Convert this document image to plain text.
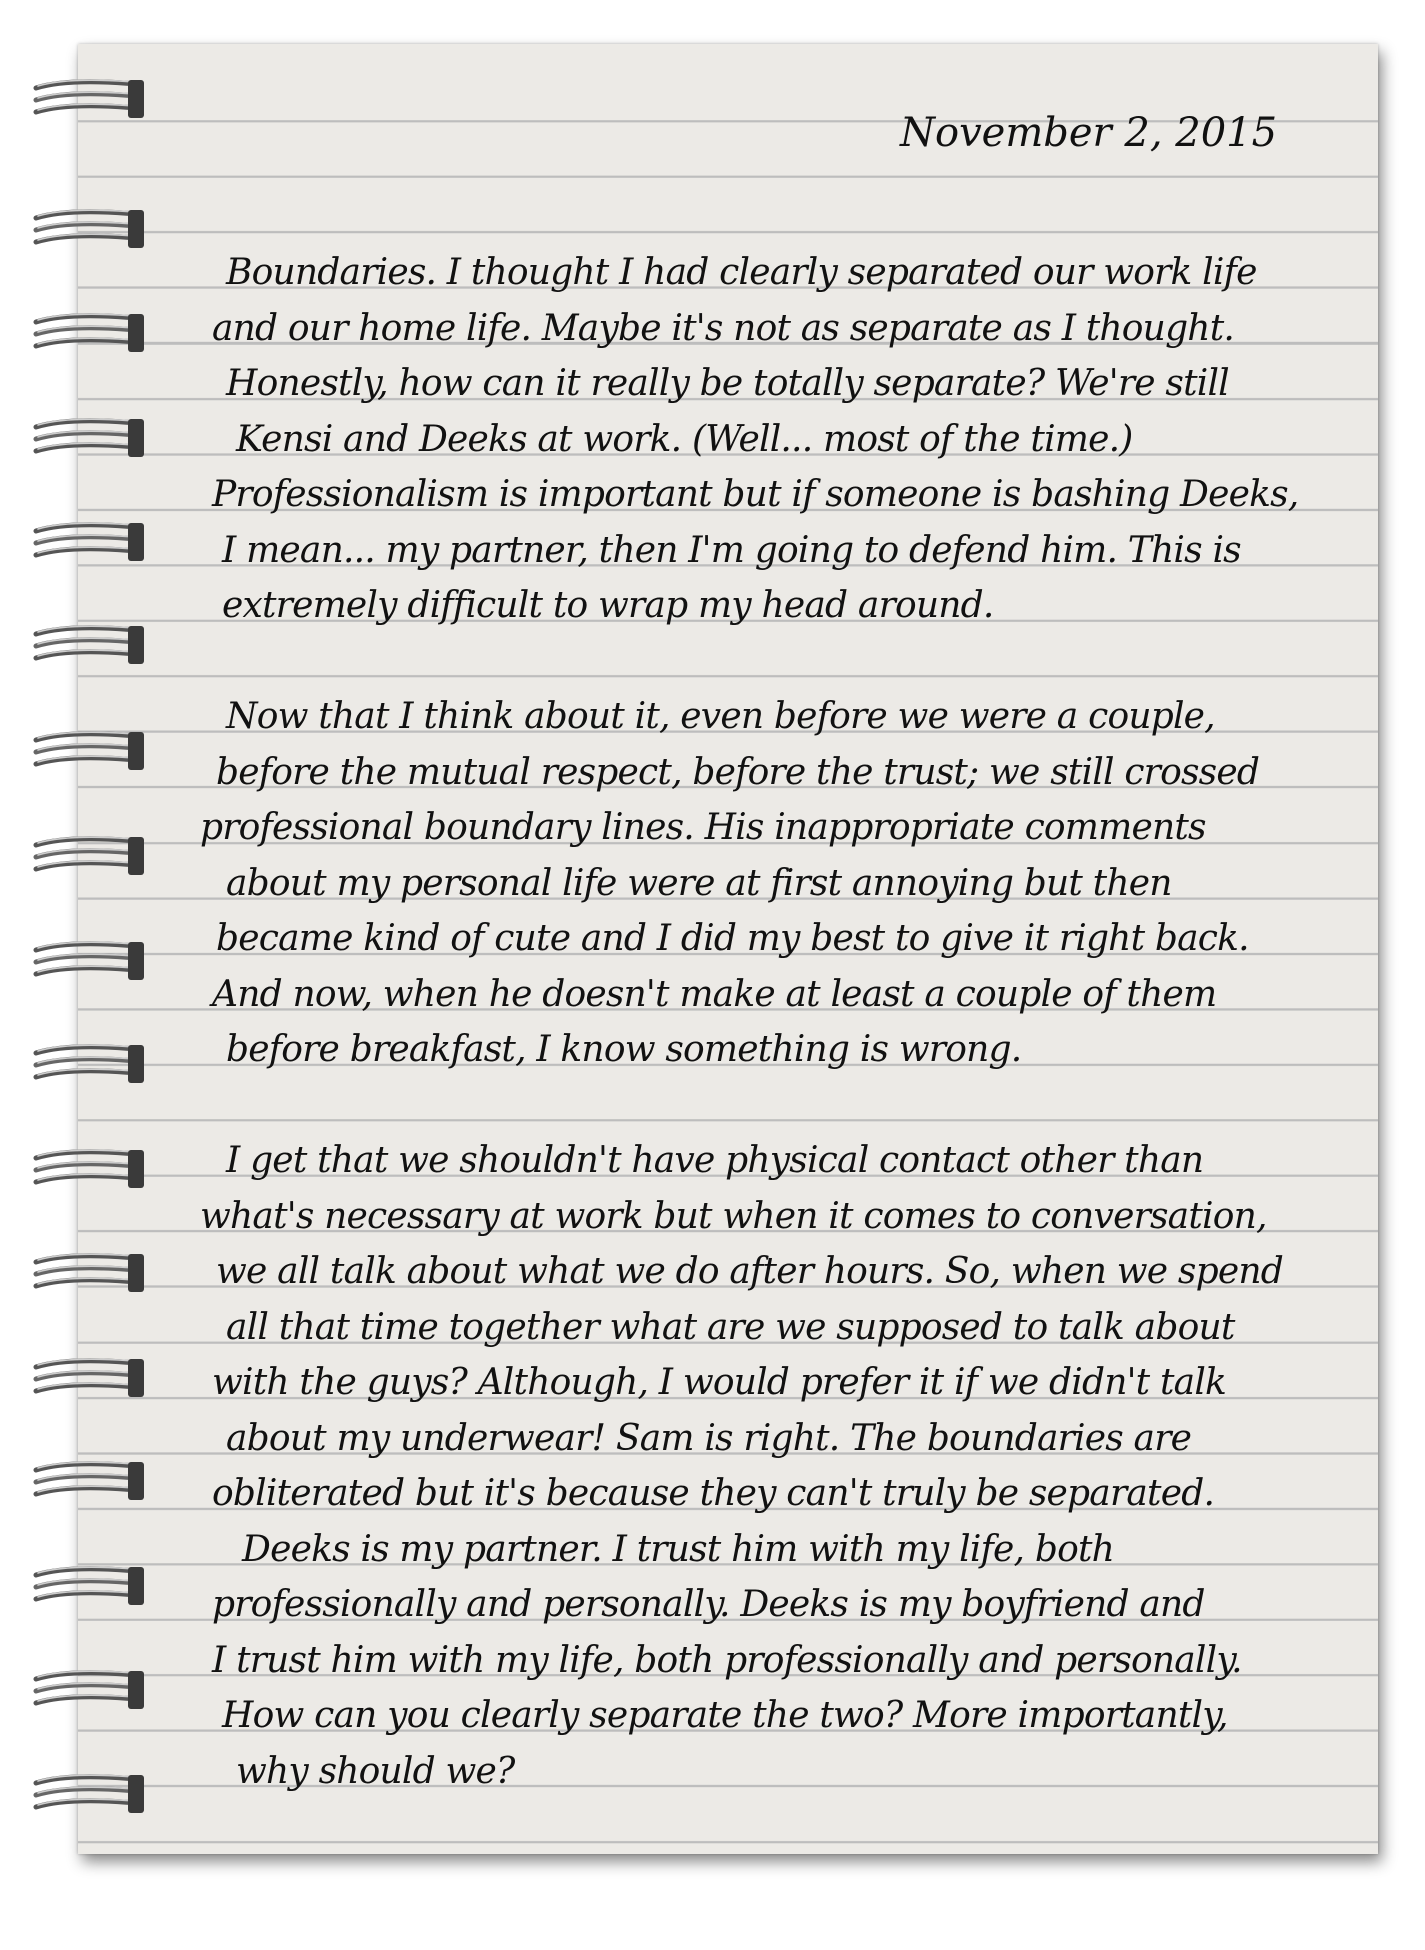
November 2, 2015
Boundaries. I thought I had clearly separated our work life
and our home life. Maybe it's not as separate as I thought.
Honestly, how can it really be totally separate? We're still
Kensi and Deeks at work. (Well... most of the time.)
Professionalism is important but if someone is bashing Deeks,
I mean... my partner, then I'm going to defend him. This is
extremely difficult to wrap my head around.
Now that I think about it, even before we were a couple,
before the mutual respect, before the trust; we still crossed
professional boundary lines. His inappropriate comments
about my personal life were at first annoying but then
became kind of cute and I did my best to give it right back.
And now, when he doesn't make at least a couple of them
before breakfast, I know something is wrong.
I get that we shouldn't have physical contact other than
what's necessary at work but when it comes to conversation,
we all talk about what we do after hours. So, when we spend
all that time together what are we supposed to talk about
with the guys? Although, I would prefer it if we didn't talk
about my underwear! Sam is right. The boundaries are
obliterated but it's because they can't truly be separated.
Deeks is my partner. I trust him with my life, both
professionally and personally. Deeks is my boyfriend and
I trust him with my life, both professionally and personally.
How can you clearly separate the two? More importantly,
why should we?
